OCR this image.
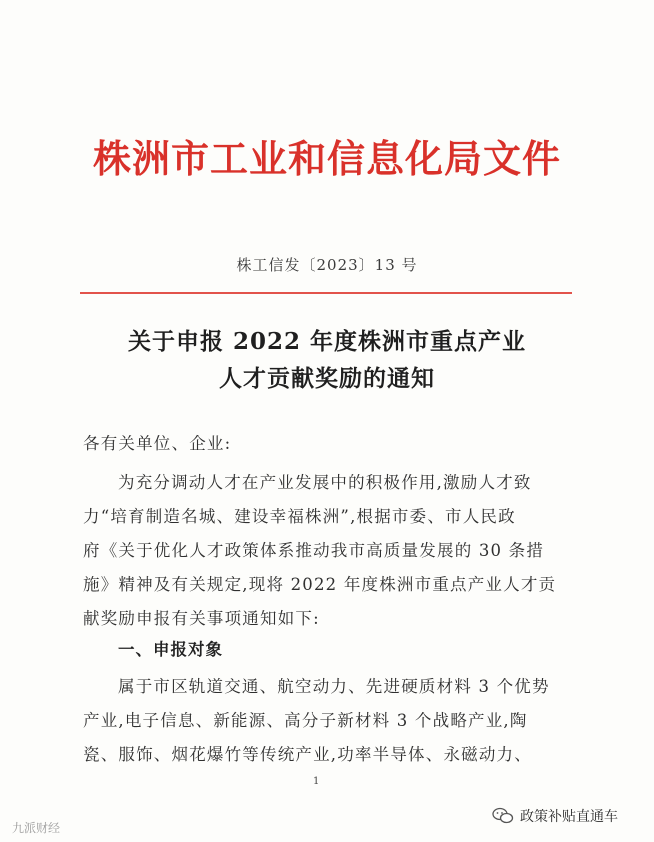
株洲市工业和信息化局文件
株工信发〔2023〕13 号
关于申报 2022 年度株洲市重点产业
人才贡献奖励的通知
各有关单位、企业:
为充分调动人才在产业发展中的积极作用,激励人才致
力“培育制造名城、建设幸福株洲”,根据市委、市人民政
府《关于优化人才政策体系推动我市高质量发展的 30 条措
施》精神及有关规定,现将 2022 年度株洲市重点产业人才贡
献奖励申报有关事项通知如下:
一、申报对象
属于市区轨道交通、航空动力、先进硬质材料 3 个优势
产业,电子信息、新能源、高分子新材料 3 个战略产业,陶
瓷、服饰、烟花爆竹等传统产业,功率半导体、永磁动力、
1
九派财经
政策补贴直通车
